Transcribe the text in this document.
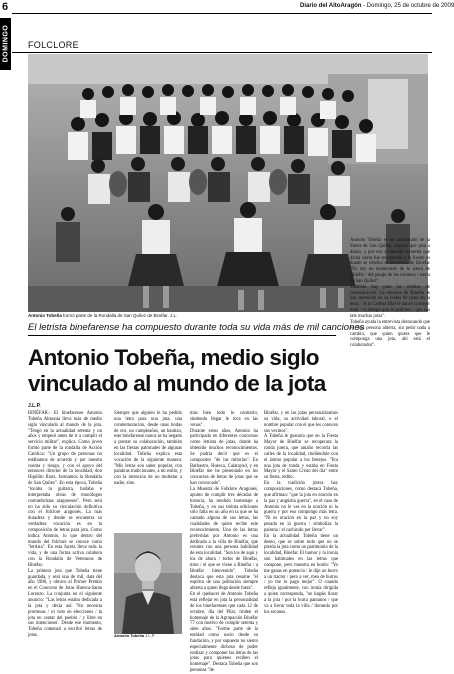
6	Diario del AltoAragón - Domingo, 25 de octubre de 2009
DOMINGO FOLCLORE
Antonio Tobeña formó parte de la Rondalla de San Quílez de Binéfar. J.L.
El letrista binefarense ha compuesto durante toda su vida más de mil canciones
Antonio Tobeña, medio siglo vinculado al mundo de la jota
J.L.P.

BINÉFAR.- El binefarense Antonio Tobeña Almunia lleva más de medio siglo vinculado al mundo de la jota. "Tengo en la actualidad setenta y un años y empecé antes de ir a cumplir el servicio militar", explica. Como joven formó parte de la rondalla de Acción Católica: "Un grupo de personas no estábamos de acuerdo y por nuestra cuenta y riesgo, y con el apoyo del entonces director de la localidad, don Hipólito Ibarz, formamos la Rondalla de San Quílez". En esta época, Tobeña "tocaba la guitarra, bailaba e interpretaba obras de monólogos costumbristas aragoneses". Pero será no ha sido su vinculación definitiva con el folclore aragonés. La más duradera y donde se encuentra su verdadera vocación es en la composición de letras para jota. Como indica Antonio, lo que dentro del mundo del folclore se conoce como "letrista". En esta faceta lleva toda la vida, y de una forma activa colabora con la Rondalla de Veteranos de Binéfar.

La primera jota que Tobeña tiene guardada, y será una de mil, data del año 1986, y obtuvo el Primer Premio en el Concurso de Jotas Huesca-Santa Lorenzo. La conjunta en el siguiente anuncio: "Las letras estaba dedicada a la jota y decía así: 'No necesita promesas / ni voto en elecciones / la jota en cantar del pueblo / y libre en sus intenciones'. Desde ese momento, Tobeña comenzó a escribir letras de jotas.

Siempre que alguien le ha pedido una letra para una jota, una conmemoración, desde unas bodas de oro, un cumpleaños, un bautizo, este binefarense nunca se ha negado a prestar su colaboración, también en las fiestas patronales de algunas localidad. Tobeña explica esta vocación de la siguiente manera: "Mis letras son saber popular, con palabras tradicionales, a mi estilo, y con la intención de no molestar a nadie, sino

más bien todo lo contrario, sintiendo llegar le toca en las venas".

Durante estos años, Antonio ha participado en diferentes concursos como letrista de jotas, donde ha obtenido muchos reconocimientos. Se podría decir que es el compositor "de las milorías". En Barbastro, Huesca, Calatayud, y en Binéfar me he presentado en los concursos de letras de jotas que se han convocado".

La Muestra de Folklore Aragonés, apunto de cumplir tres décadas de historia, ha rendido homenaje a Tobeña, y en sus treinta ediciones sólo falta en un año en la que se ha cantado alguna de sus letras, las cualidades de quien recibe este reconocimiento. Una de las letras preferidas por Antonio es una dedicada a la villa de Binéfar, que resume con una persona habilidad de esta localidad. "Son los de aquí y los de ahora / todos de Binéfar, mire / el que se viene a Binéfar / a Binéfar bienvenido". Tobeña destaca que esta jota resume "el espíritu de una población siempre abierta a quien llega desde fuera".

En el quehacer de Antonio Tobeña está reflejar en jota la personalidad de los binefarenses que cada 12 de octubre, día del Pilar, rinden el homenaje de la Agrupación Binéfar 77 con motivo de cumplir setenta y siete años. "Forme parte de la entidad como socio desde su fundación, y por supuesto no siento especialmente dichoso de poder realizar y componer las letras de las jotas para quienes reciben el homenaje". Destaca Tobeña que son personas "de

Binéfar, y en las jotas personalizamos su vida, su actividad laboral, o el nombre popular con el que les conocen sus vecinos".

A Tobeña le gustaría que en la Fiesta Mayor de Binéfar se recuperara la ronda jotera, que antaño recorría las calles de la localidad, rindiéndole con el ánimo popular a los festejos. "Era una jota de ronda y estaba en Fiesta Mayor y el Santo Cristo del día" entre su fiesta, redito.

En la tradición jotera hay composiciones, como destaca Tobeña, que afirman: "que la jota en oración en la paz y angústia guerra", en el caso de Antonio no le vas en la oración ni la guerra y por eso compongo más letra. "Ni es oración en la paz y no soy pesada en la guerra / simboliza la paloma / el cachirulo por llevar".

En la actualidad Tobeña tiene un deseo, que se sobre todo que no se pierda la jota como un patrimonio de la localidad, Binéfar. El humor y la ironía son habituales en las letras que compone, pero muestra en botón: "Yo me ganas en potencia / le dije un burro a un tractor / pero a ver, mea de burros / yo me lo pago mejor". O cuando refleja igualmente, con ironía dirigida a quien corresponda, "no hagáis llorar a la jota / por la hurra pantanos / que va a llevar toda la villa / llorando por los secanos.

Antonio Tobeña es un enamorado de la Sierra de San Quílez, espacio que pisa a diario, y por eso a menudo recuerda que dicha sierra fue recuperada y la fuente es donde se celebra el memorial de Binéfar "Yo soy un enamorado de la sierra de Binéfar / del paraje de los romeros / sierra de San Quílez".

También hay para los medios de comunicación. La emisora de Binéfar le han merecido en su bodas de plata en la letra: "A la Cadena Dial le dance la mejor nota / el tiempo que le pedimos / que sea tale muchas jotas".

Tobeña ayuda la entrevista destacando que es "una persona abierta, sin pedir nada a cambio, que quien quiera que le componga una jota, ahí está el colaborador".

Antonio Tobeña J.L.P.
